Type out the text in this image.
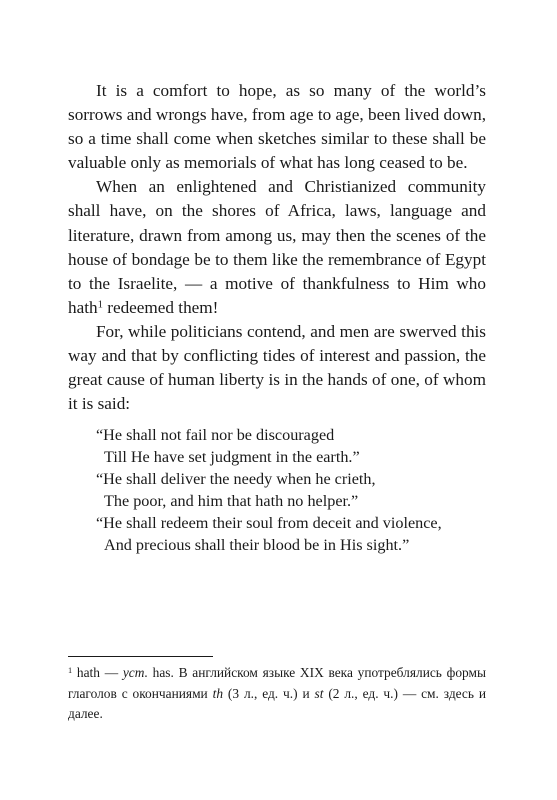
It is a comfort to hope, as so many of the world’s sorrows and wrongs have, from age to age, been lived down, so a time shall come when sketches similar to these shall be valuable only as memorials of what has long ceased to be.

When an enlightened and Christianized community shall have, on the shores of Africa, laws, language and literature, drawn from among us, may then the scenes of the house of bondage be to them like the remembrance of Egypt to the Israelite, — a motive of thankfulness to Him who hath$^1$ redeemed them!

For, while politicians contend, and men are swerved this way and that by conflicting tides of interest and passion, the great cause of human liberty is in the hands of one, of whom it is said:

“He shall not fail nor be discouraged
Till He have set judgment in the earth.”
“He shall deliver the needy when he crieth,
The poor, and him that hath no helper.”
“He shall redeem their soul from deceit and violence,
And precious shall their blood be in His sight.”
$^1$ hath — уст. has. В английском языке XIX века употреблялись формы глаголов с окончаниями th (3 л., ед. ч.) и st (2 л., ед. ч.) — см. здесь и далее.
